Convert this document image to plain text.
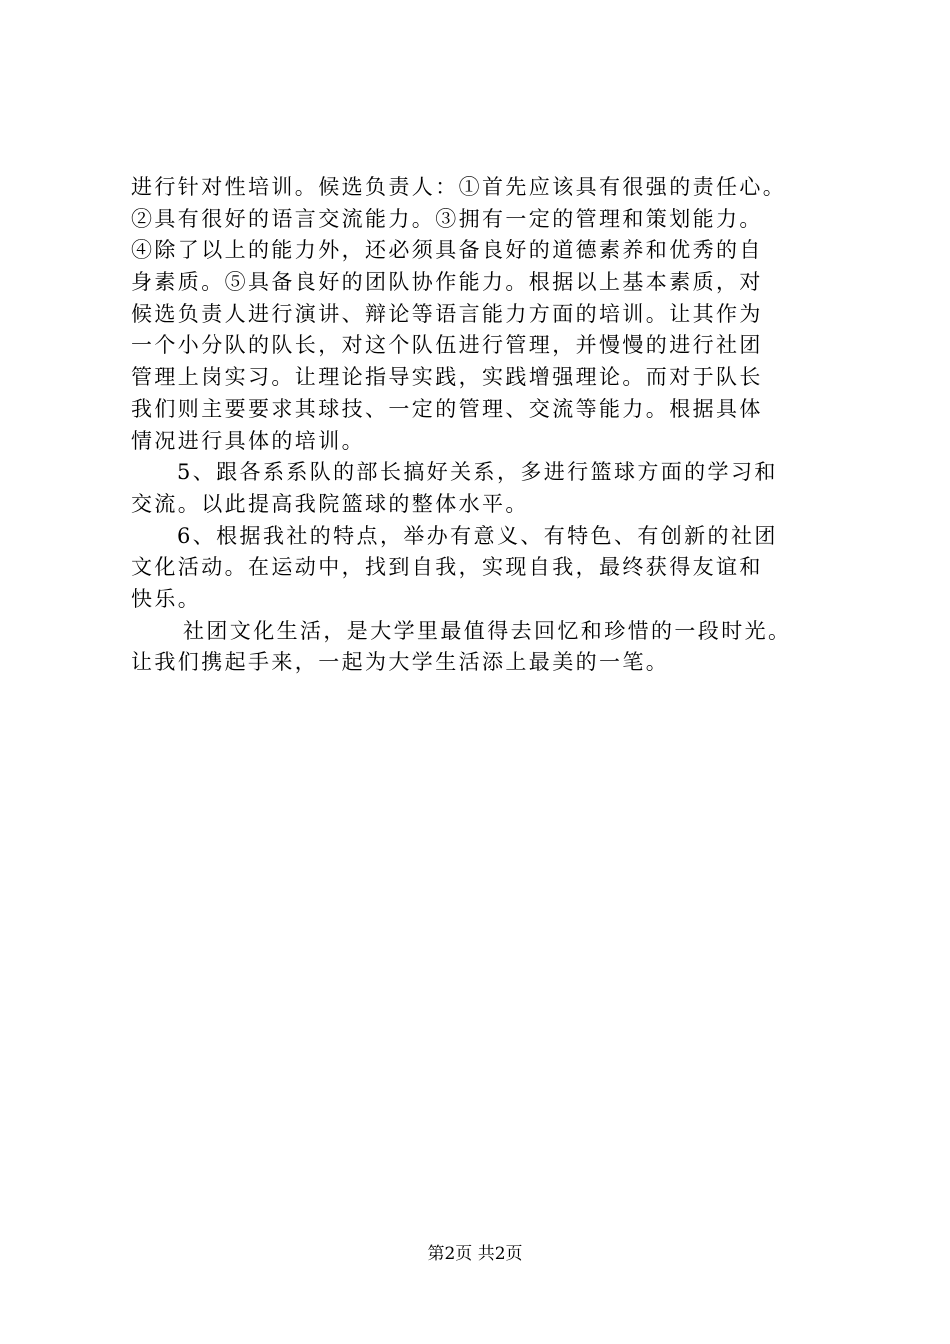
进行针对性培训。候选负责人：①首先应该具有很强的责任心。
②具有很好的语言交流能力。③拥有一定的管理和策划能力。
④除了以上的能力外，还必须具备良好的道德素养和优秀的自
身素质。⑤具备良好的团队协作能力。根据以上基本素质，对
候选负责人进行演讲、辩论等语言能力方面的培训。让其作为
一个小分队的队长，对这个队伍进行管理，并慢慢的进行社团
管理上岗实习。让理论指导实践，实践增强理论。而对于队长
我们则主要要求其球技、一定的管理、交流等能力。根据具体
情况进行具体的培训。
5、跟各系系队的部长搞好关系，多进行篮球方面的学习和
交流。以此提高我院篮球的整体水平。
6、根据我社的特点，举办有意义、有特色、有创新的社团
文化活动。在运动中，找到自我，实现自我，最终获得友谊和
快乐。
社团文化生活，是大学里最值得去回忆和珍惜的一段时光。
让我们携起手来，一起为大学生活添上最美的一笔。
第2页 共2页
